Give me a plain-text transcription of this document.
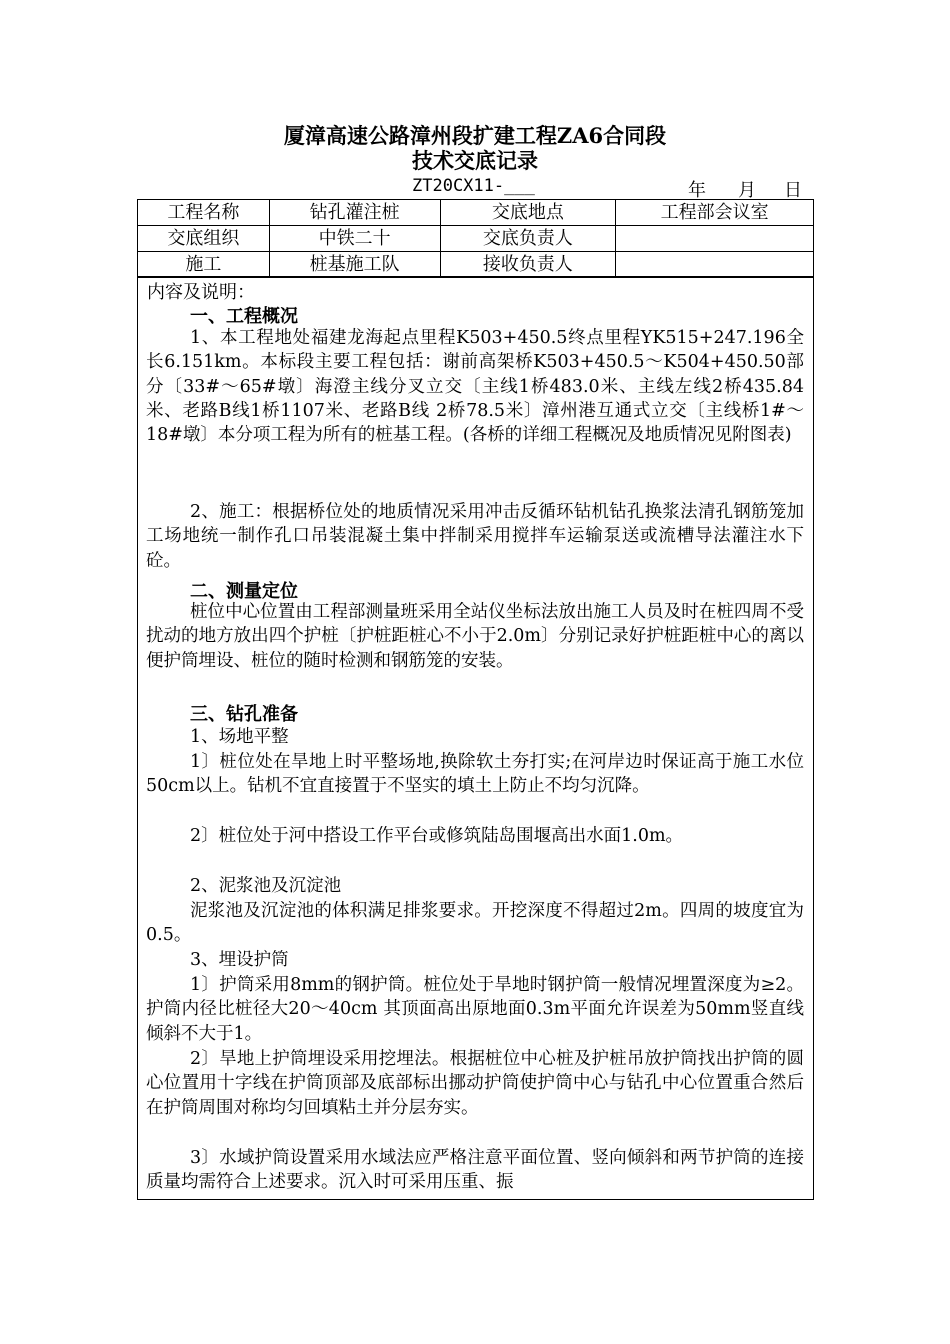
厦漳高速公路漳州段扩建工程ZA6合同段
技术交底记录
ZT20CX11-___	年 月 日
工程名称	钻孔灌注桩	交底地点	工程部会议室
交底组织	中铁二十	交底负责人	
施工	桩基施工队	接收负责人	
内容及说明：
一、工程概况
1、本工程地处福建龙海起点里程K503+450.5终点里程YK515+247.196全长6.151km。本标段主要工程包括：谢前高架桥K503+450.5～K504+450.50部分〔33#～65#墩〕海澄主线分叉立交〔主线1桥483.0米、主线左线2桥435.84米、老路B线1桥1107米、老路B线 2桥78.5米〕漳州港互通式立交〔主线桥1#～18#墩〕本分项工程为所有的桩基工程。(各桥的详细工程概况及地质情况见附图表)
2、施工：根据桥位处的地质情况采用冲击反循环钻机钻孔换浆法清孔钢筋笼加工场地统一制作孔口吊装混凝土集中拌制采用搅拌车运输泵送或流槽导法灌注水下砼。
二、测量定位
桩位中心位置由工程部测量班采用全站仪坐标法放出施工人员及时在桩四周不受扰动的地方放出四个护桩〔护桩距桩心不小于2.0m〕分别记录好护桩距桩中心的离以便护筒埋设、桩位的随时检测和钢筋笼的安装。
三、钻孔准备
1、场地平整
1〕桩位处在旱地上时平整场地,换除软土夯打实;在河岸边时保证高于施工水位50cm以上。钻机不宜直接置于不坚实的填土上防止不均匀沉降。
2〕桩位处于河中搭设工作平台或修筑陆岛围堰高出水面1.0m。
2、泥浆池及沉淀池
泥浆池及沉淀池的体积满足排浆要求。开挖深度不得超过2m。四周的坡度宜为0.5。
3、埋设护筒
1〕护筒采用8mm的钢护筒。桩位处于旱地时钢护筒一般情况埋置深度为≥2。护筒内径比桩径大20～40cm 其顶面高出原地面0.3m平面允许误差为50mm竖直线倾斜不大于1。
2〕旱地上护筒埋设采用挖埋法。根据桩位中心桩及护桩吊放护筒找出护筒的圆心位置用十字线在护筒顶部及底部标出挪动护筒使护筒中心与钻孔中心位置重合然后在护筒周围对称均匀回填粘土并分层夯实。
3〕水域护筒设置采用水域法应严格注意平面位置、竖向倾斜和两节护筒的连接质量均需符合上述要求。沉入时可采用压重、振
